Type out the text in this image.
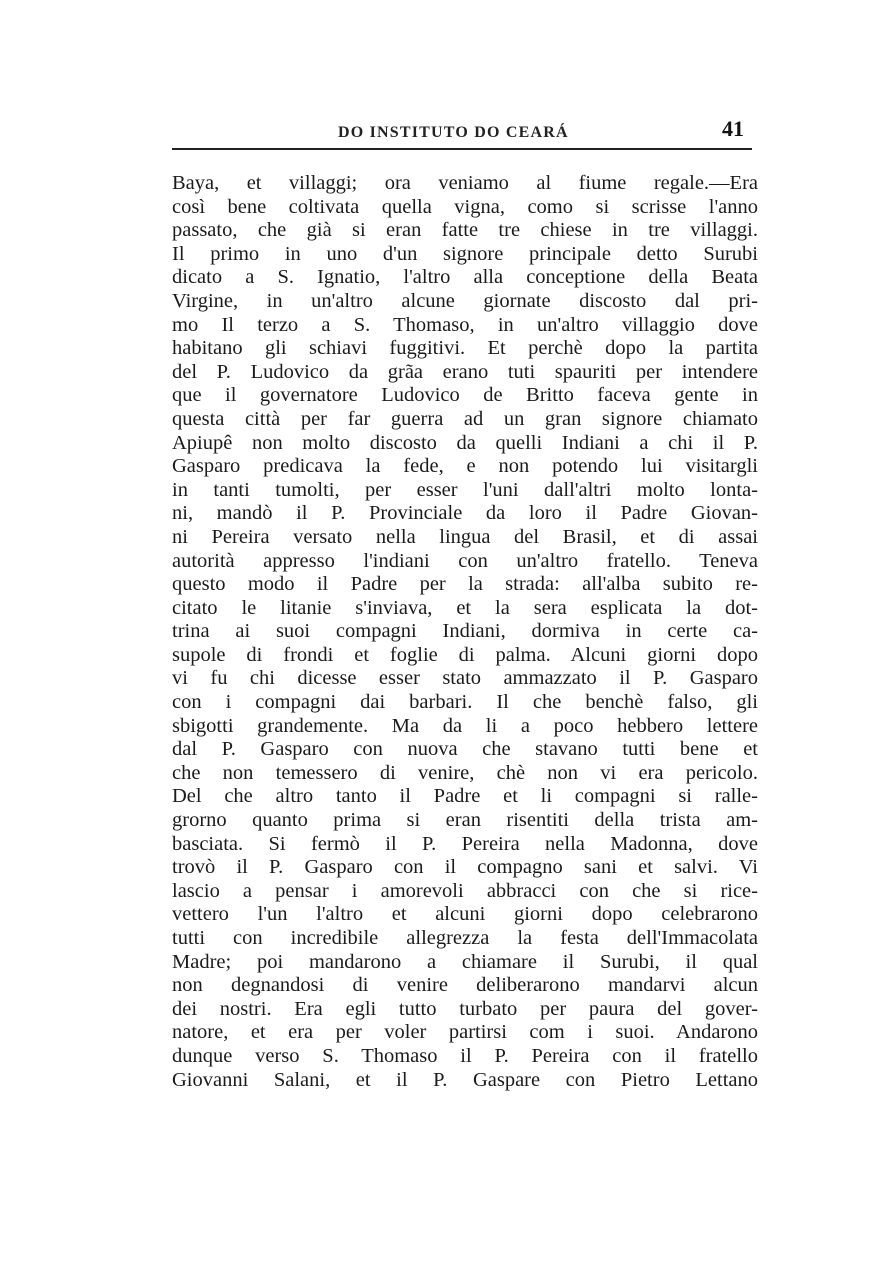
DO INSTITUTO DO CEARÁ	41
Baya, et villaggi; ora veniamo al fiume regale.—Era
così bene coltivata quella vigna, como si scrisse l'anno
passato, che già si eran fatte tre chiese in tre villaggi.
Il primo in uno d'un signore principale detto Surubi
dicato a S. Ignatio, l'altro alla conceptione della Beata
Virgine, in un'altro alcune giornate discosto dal pri-
mo Il terzo a S. Thomaso, in un'altro villaggio dove
habitano gli schiavi fuggitivi. Et perchè dopo la partita
del P. Ludovico da grãa erano tuti spauriti per intendere
que il governatore Ludovico de Britto faceva gente in
questa città per far guerra ad un gran signore chiamato
Apiupê non molto discosto da quelli Indiani a chi il P.
Gasparo predicava la fede, e non potendo lui visitargli
in tanti tumolti, per esser l'uni dall'altri molto lonta-
ni, mandò il P. Provinciale da loro il Padre Giovan-
ni Pereira versato nella lingua del Brasil, et di assai
autorità appresso l'indiani con un'altro fratello. Teneva
questo modo il Padre per la strada: all'alba subito re-
citato le litanie s'inviava, et la sera esplicata la dot-
trina ai suoi compagni Indiani, dormiva in certe ca-
supole di frondi et foglie di palma. Alcuni giorni dopo
vi fu chi dicesse esser stato ammazzato il P. Gasparo
con i compagni dai barbari. Il che benchè falso, gli
sbigotti grandemente. Ma da li a poco hebbero lettere
dal P. Gasparo con nuova che stavano tutti bene et
che non temessero di venire, chè non vi era pericolo.
Del che altro tanto il Padre et li compagni si ralle-
grorno quanto prima si eran risentiti della trista am-
basciata. Si fermò il P. Pereira nella Madonna, dove
trovò il P. Gasparo con il compagno sani et salvi. Vi
lascio a pensar i amorevoli abbracci con che si rice-
vettero l'un l'altro et alcuni giorni dopo celebrarono
tutti con incredibile allegrezza la festa dell'Immacolata
Madre; poi mandarono a chiamare il Surubi, il qual
non degnandosi di venire deliberarono mandarvi alcun
dei nostri. Era egli tutto turbato per paura del gover-
natore, et era per voler partirsi com i suoi. Andarono
dunque verso S. Thomaso il P. Pereira con il fratello
Giovanni Salani, et il P. Gaspare con Pietro Lettano
